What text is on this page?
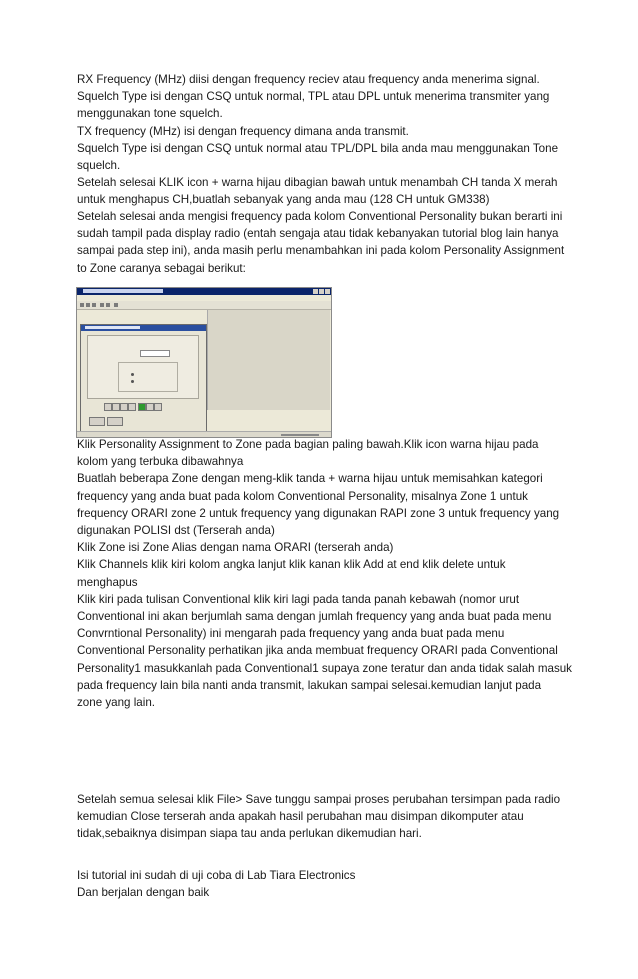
RX Frequency (MHz) diisi dengan frequency reciev atau frequency anda menerima signal.
Squelch Type isi dengan CSQ untuk normal, TPL atau DPL untuk menerima transmiter yang
menggunakan tone squelch.
TX frequency (MHz) isi dengan frequency dimana anda transmit.
Squelch Type isi dengan CSQ untuk normal atau TPL/DPL bila anda mau menggunakan Tone
squelch.
Setelah selesai KLIK icon + warna hijau dibagian bawah untuk menambah CH tanda X merah
untuk menghapus CH,buatlah sebanyak yang anda mau (128 CH untuk GM338)
Setelah selesai anda mengisi frequency pada kolom Conventional Personality bukan berarti ini
sudah tampil pada display radio (entah sengaja atau tidak kebanyakan tutorial blog lain hanya
sampai pada step ini), anda masih perlu menambahkan ini pada kolom Personality Assignment
to Zone caranya sebagai berikut:
Klik Personality Assignment to Zone pada bagian paling bawah.Klik icon warna hijau pada
kolom yang terbuka dibawahnya
Buatlah beberapa Zone dengan meng-klik tanda + warna hijau untuk memisahkan kategori
frequency yang anda buat pada kolom Conventional Personality, misalnya Zone 1 untuk
frequency ORARI zone 2 untuk frequency yang digunakan RAPI zone 3 untuk frequency yang
digunakan POLISI dst (Terserah anda)
Klik Zone isi Zone Alias dengan nama ORARI (terserah anda)
Klik Channels klik kiri kolom angka lanjut klik kanan klik Add at end klik delete untuk
menghapus
Klik kiri pada tulisan Conventional klik kiri lagi pada tanda panah kebawah (nomor urut
Conventional ini akan berjumlah sama dengan jumlah frequency yang anda buat pada menu
Convrntional Personality) ini mengarah pada frequency yang anda buat pada menu
Conventional Personality perhatikan jika anda membuat frequency ORARI pada Conventional
Personality1 masukkanlah pada Conventional1 supaya zone teratur dan anda tidak salah masuk
pada frequency lain bila nanti anda transmit, lakukan sampai selesai.kemudian lanjut pada
zone yang lain.
Setelah semua selesai klik File> Save tunggu sampai proses perubahan tersimpan pada radio
kemudian Close terserah anda apakah hasil perubahan mau disimpan dikomputer atau
tidak,sebaiknya disimpan siapa tau anda perlukan dikemudian hari.
Isi tutorial ini sudah di uji coba di Lab Tiara Electronics
Dan berjalan dengan baik
